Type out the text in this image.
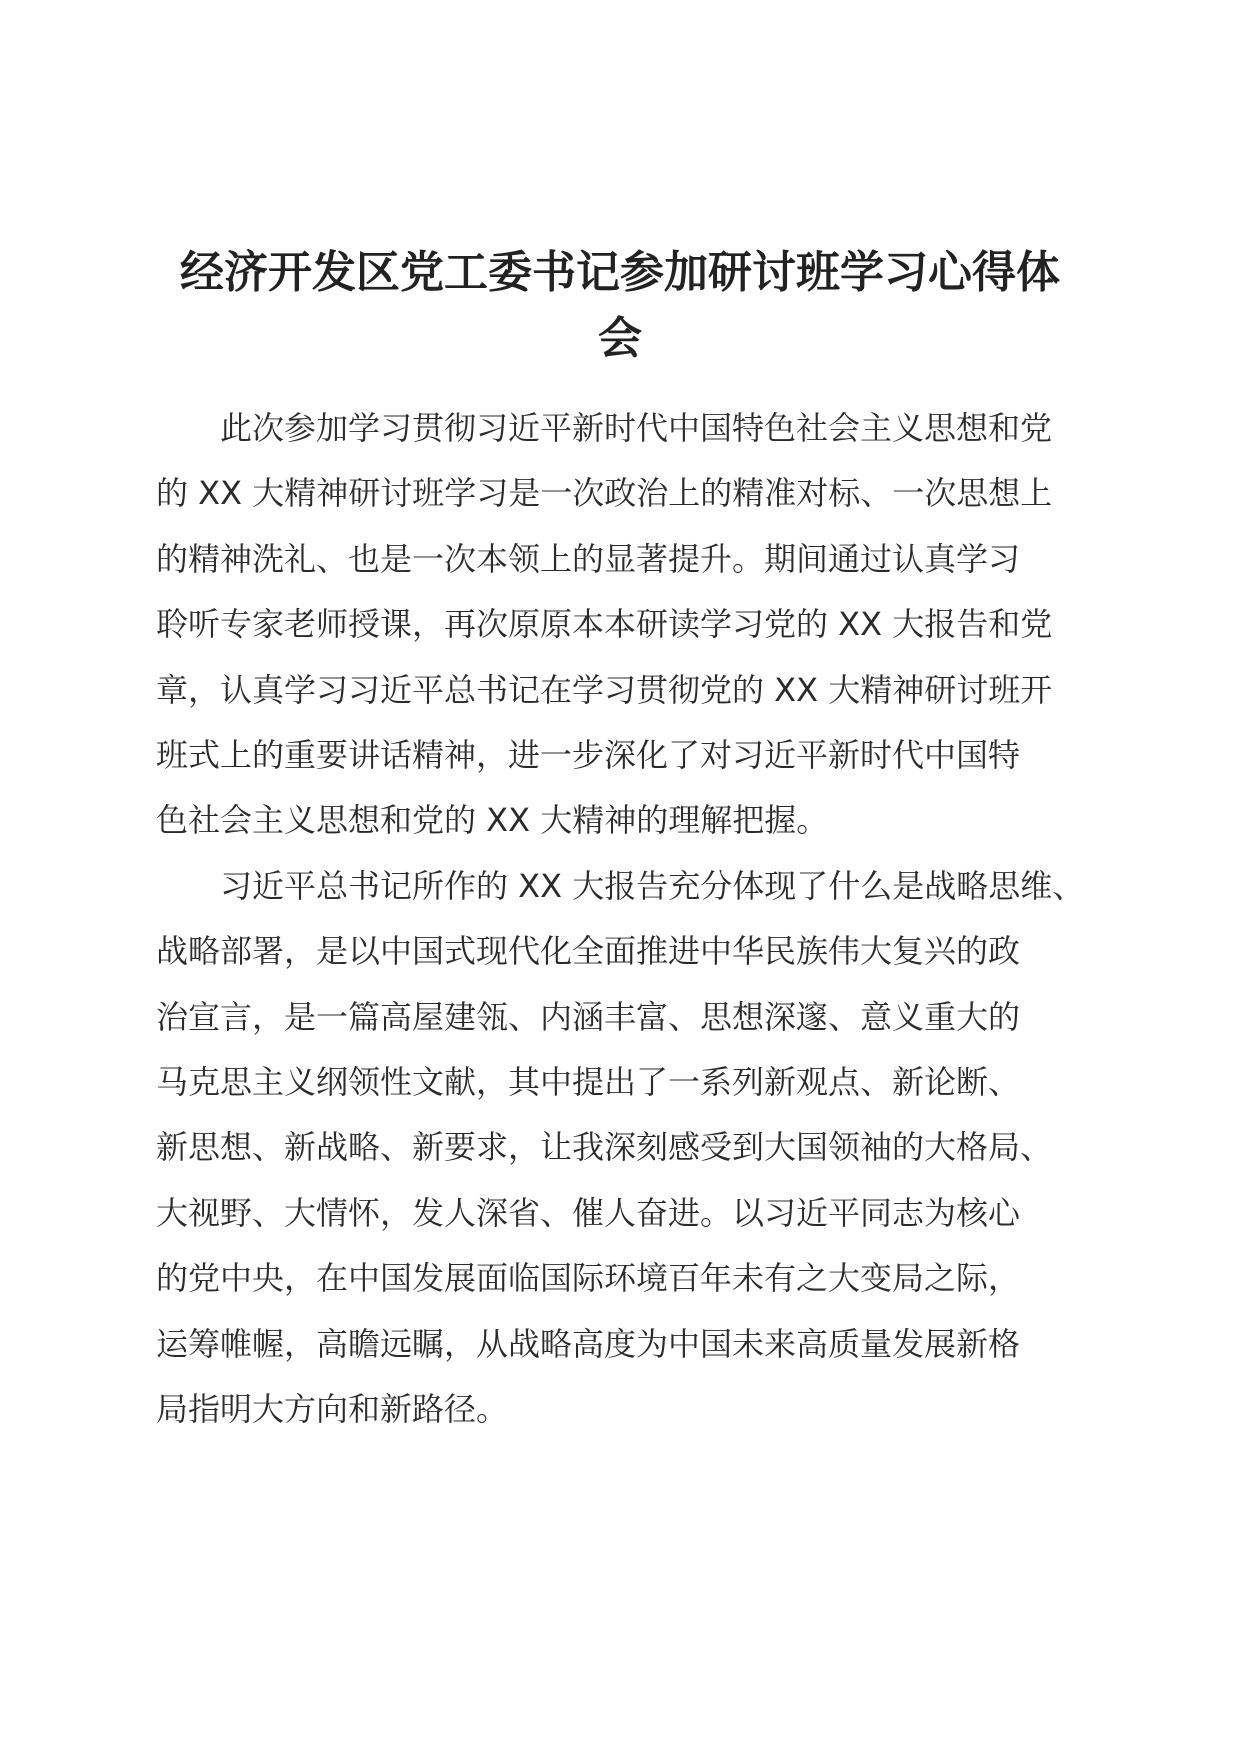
经济开发区党工委书记参加研讨班学习心得体
会

此次参加学习贯彻习近平新时代中国特色社会主义思想和党
的 XX 大精神研讨班学习是一次政治上的精准对标、一次思想上
的精神洗礼、也是一次本领上的显著提升。期间通过认真学习
聆听专家老师授课，再次原原本本研读学习党的 XX 大报告和党
章，认真学习习近平总书记在学习贯彻党的 XX 大精神研讨班开
班式上的重要讲话精神，进一步深化了对习近平新时代中国特
色社会主义思想和党的 XX 大精神的理解把握。

习近平总书记所作的 XX 大报告充分体现了什么是战略思维、
战略部署，是以中国式现代化全面推进中华民族伟大复兴的政
治宣言，是一篇高屋建瓴、内涵丰富、思想深邃、意义重大的
马克思主义纲领性文献，其中提出了一系列新观点、新论断、
新思想、新战略、新要求，让我深刻感受到大国领袖的大格局、
大视野、大情怀，发人深省、催人奋进。以习近平同志为核心
的党中央，在中国发展面临国际环境百年未有之大变局之际，
运筹帷幄，高瞻远瞩，从战略高度为中国未来高质量发展新格
局指明大方向和新路径。
